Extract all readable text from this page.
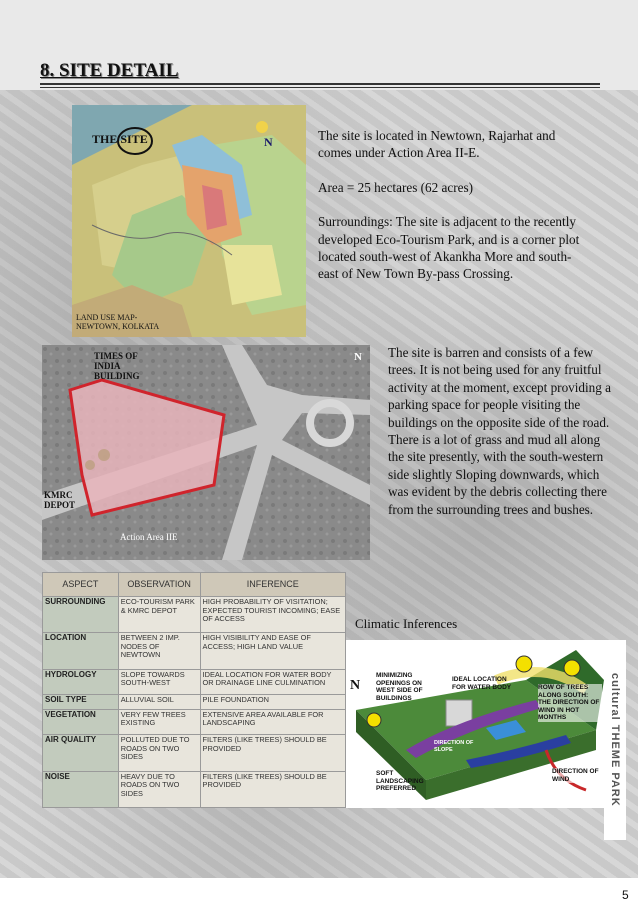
8. SITE DETAIL
THE SITE	N
LAND USE MAP- NEWTOWN, KOLKATA

The site is located in Newtown, Rajarhat and comes under Action Area II-E.

Area = 25 hectares (62 acres)

Surroundings: The site is adjacent to the recently developed Eco-Tourism Park, and is a corner plot located south-west of Akankha More and south-east of New Town By-pass Crossing.

TIMES OF INDIA BUILDING
KMRC DEPOT
Action Area IIE
N The site is barren and consists of a few trees. It is not being used for any fruitful activity at the moment, except providing a parking space for people visiting the buildings on the opposite side of the road. There is a lot of grass and mud all along the site presently, with the south-western side slightly Sloping downwards, which was evident by the debris collecting there from the surrounding trees and bushes.
ASPECT	OBSERVATION	INFERENCE
SURROUNDING	ECO-TOURISM PARK & KMRC DEPOT	HIGH PROBABILITY OF VISITATION; EXPECTED TOURIST INCOMING; EASE OF ACCESS
LOCATION	BETWEEN 2 IMP. NODES OF NEWTOWN	HIGH VISIBILITY AND EASE OF ACCESS; HIGH LAND VALUE
HYDROLOGY	SLOPE TOWARDS SOUTH-WEST	IDEAL LOCATION FOR WATER BODY OR DRAINAGE LINE CULMINATION
SOIL TYPE	ALLUVIAL SOIL	PILE FOUNDATION
VEGETATION	VERY FEW TREES EXISTING	EXTENSIVE AREA AVAILABLE FOR LANDSCAPING
AIR QUALITY	POLLUTED DUE TO ROADS ON TWO SIDES	FILTERS (LIKE TREES) SHOULD BE PROVIDED
NOISE	HEAVY DUE TO ROADS ON TWO SIDES	FILTERS (LIKE TREES) SHOULD BE PROVIDED
Climatic Inferences
N
MINIMIZING OPENINGS ON WEST SIDE OF BUILDINGS
IDEAL LOCATION FOR WATER BODY	ROW OF TREES ALONG SOUTH: THE DIRECTION OF WIND IN HOT MONTHS
DIRECTION OF SLOPE
SOFT LANDSCAPING PREFERRED
DIRECTION OF WIND	cultural THEME PARK
5
